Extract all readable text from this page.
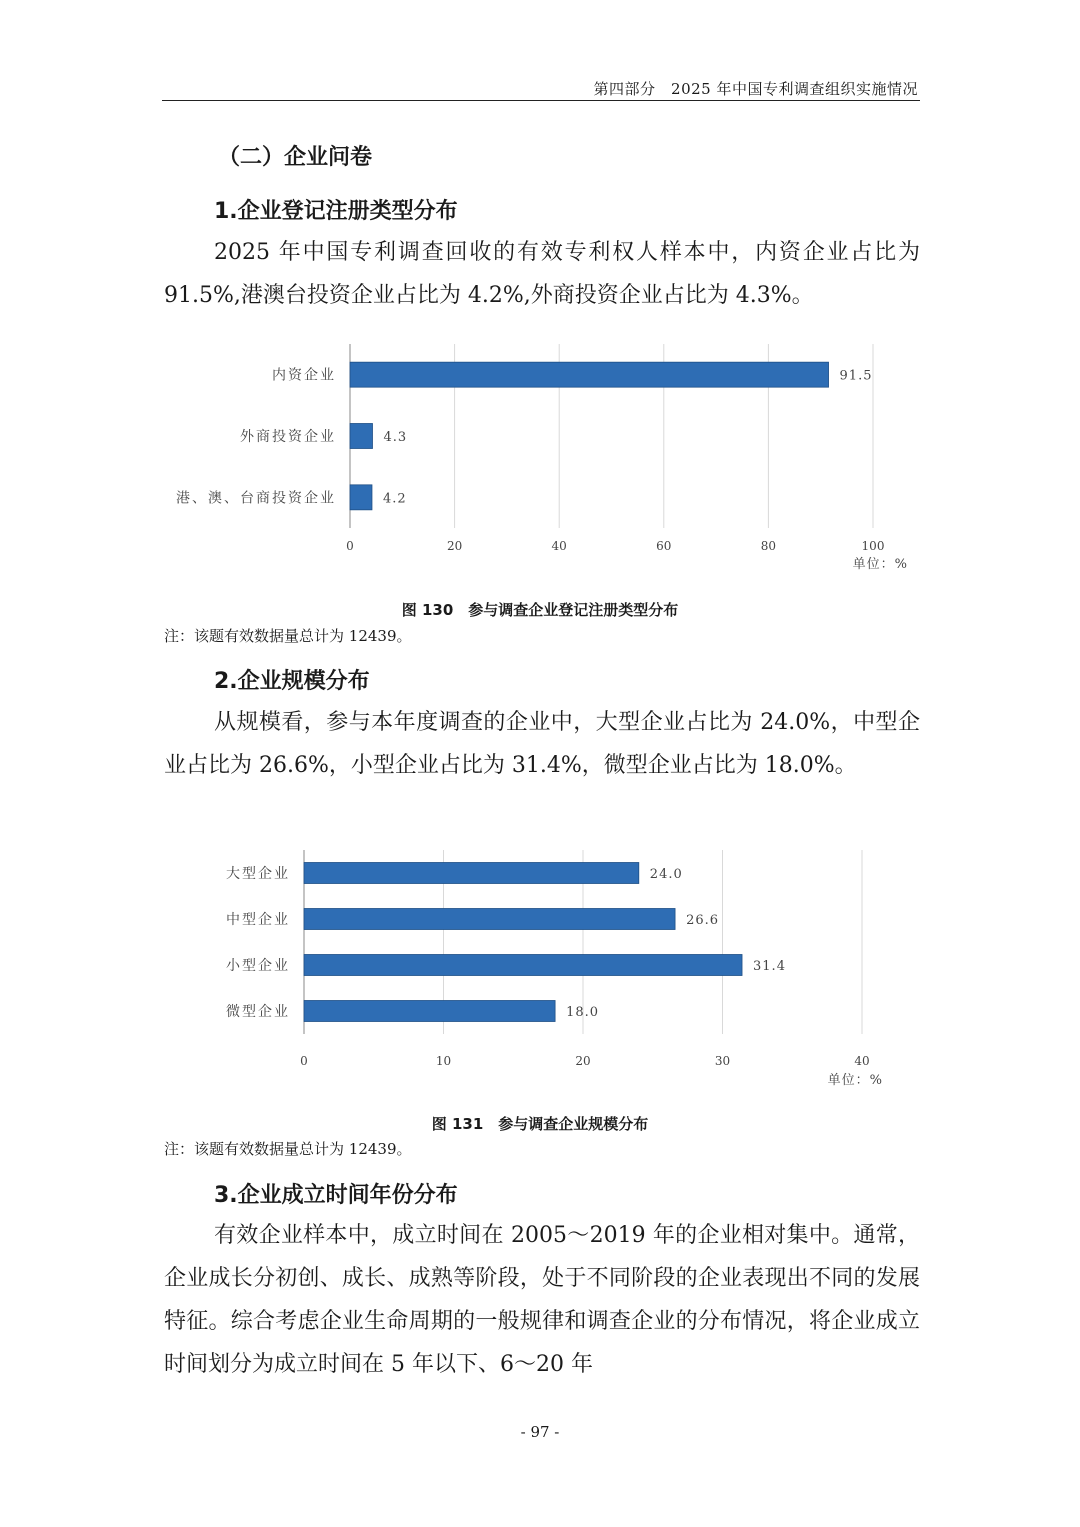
第四部分　2025 年中国专利调查组织实施情况
（二）企业问卷
1.企业登记注册类型分布
2025 年中国专利调查回收的有效专利权人样本中，内资企业占比为 91.5%,港澳台投资企业占比为 4.2%,外商投资企业占比为 4.3%。
0	20	40	60	80	100
内资企业	91.5
外商投资企业	4.3
港、澳、台商投资企业	4.2
单位：%
图 130　参与调查企业登记注册类型分布
注：该题有效数据量总计为 12439。
2.企业规模分布
从规模看，参与本年度调查的企业中，大型企业占比为 24.0%，中型企业占比为 26.6%，小型企业占比为 31.4%，微型企业占比为 18.0%。
0	10	20	30	40
大型企业	24.0
中型企业	26.6
小型企业	31.4
微型企业	18.0
单位：%
图 131　参与调查企业规模分布
注：该题有效数据量总计为 12439。
3.企业成立时间年份分布
有效企业样本中，成立时间在 2005～2019 年的企业相对集中。通常，企业成长分初创、成长、成熟等阶段，处于不同阶段的企业表现出不同的发展特征。综合考虑企业生命周期的一般规律和调查企业的分布情况，将企业成立时间划分为成立时间在 5 年以下、6～20 年
- 97 -
